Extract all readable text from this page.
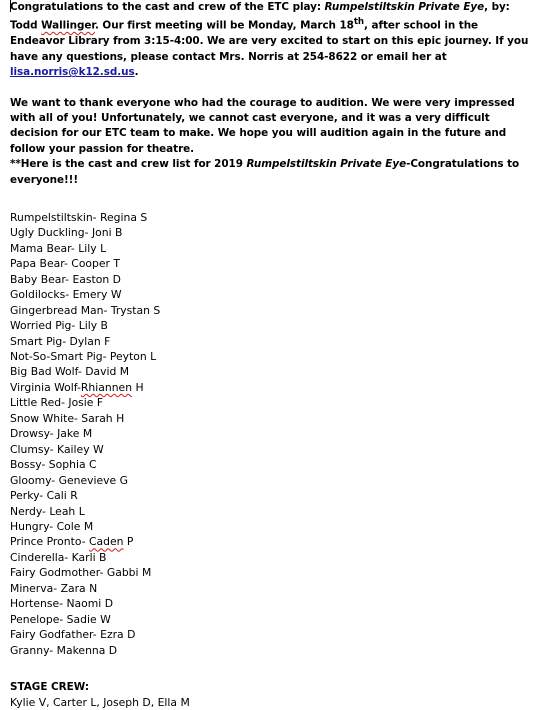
Congratulations to the cast and crew of the ETC play: Rumpelstiltskin Private Eye, by: Todd Wallinger. Our first meeting will be Monday, March 18th, after school in the Endeavor Library from 3:15-4:00. We are very excited to start on this epic journey. If you have any questions, please contact Mrs. Norris at 254-8622 or email her at lisa.norris@k12.sd.us.

We want to thank everyone who had the courage to audition. We were very impressed with all of you! Unfortunately, we cannot cast everyone, and it was a very difficult decision for our ETC team to make. We hope you will audition again in the future and follow your passion for theatre.

**Here is the cast and crew list for 2019 Rumpelstiltskin Private Eye-Congratulations to everyone!!!

Rumpelstiltskin- Regina S
Ugly Duckling- Joni B
Mama Bear- Lily L
Papa Bear- Cooper T
Baby Bear- Easton D
Goldilocks- Emery W
Gingerbread Man- Trystan S
Worried Pig- Lily B
Smart Pig- Dylan F
Not-So-Smart Pig- Peyton L
Big Bad Wolf- David M
Virginia Wolf-Rhiannen H
Little Red- Josie F
Snow White- Sarah H
Drowsy- Jake M
Clumsy- Kailey W
Bossy- Sophia C
Gloomy- Genevieve G
Perky- Cali R
Nerdy- Leah L
Hungry- Cole M
Prince Pronto- Caden P
Cinderella- Karli B
Fairy Godmother- Gabbi M
Minerva- Zara N
Hortense- Naomi D
Penelope- Sadie W
Fairy Godfather- Ezra D
Granny- Makenna D
STAGE CREW:
Kylie V, Carter L, Joseph D, Ella M
